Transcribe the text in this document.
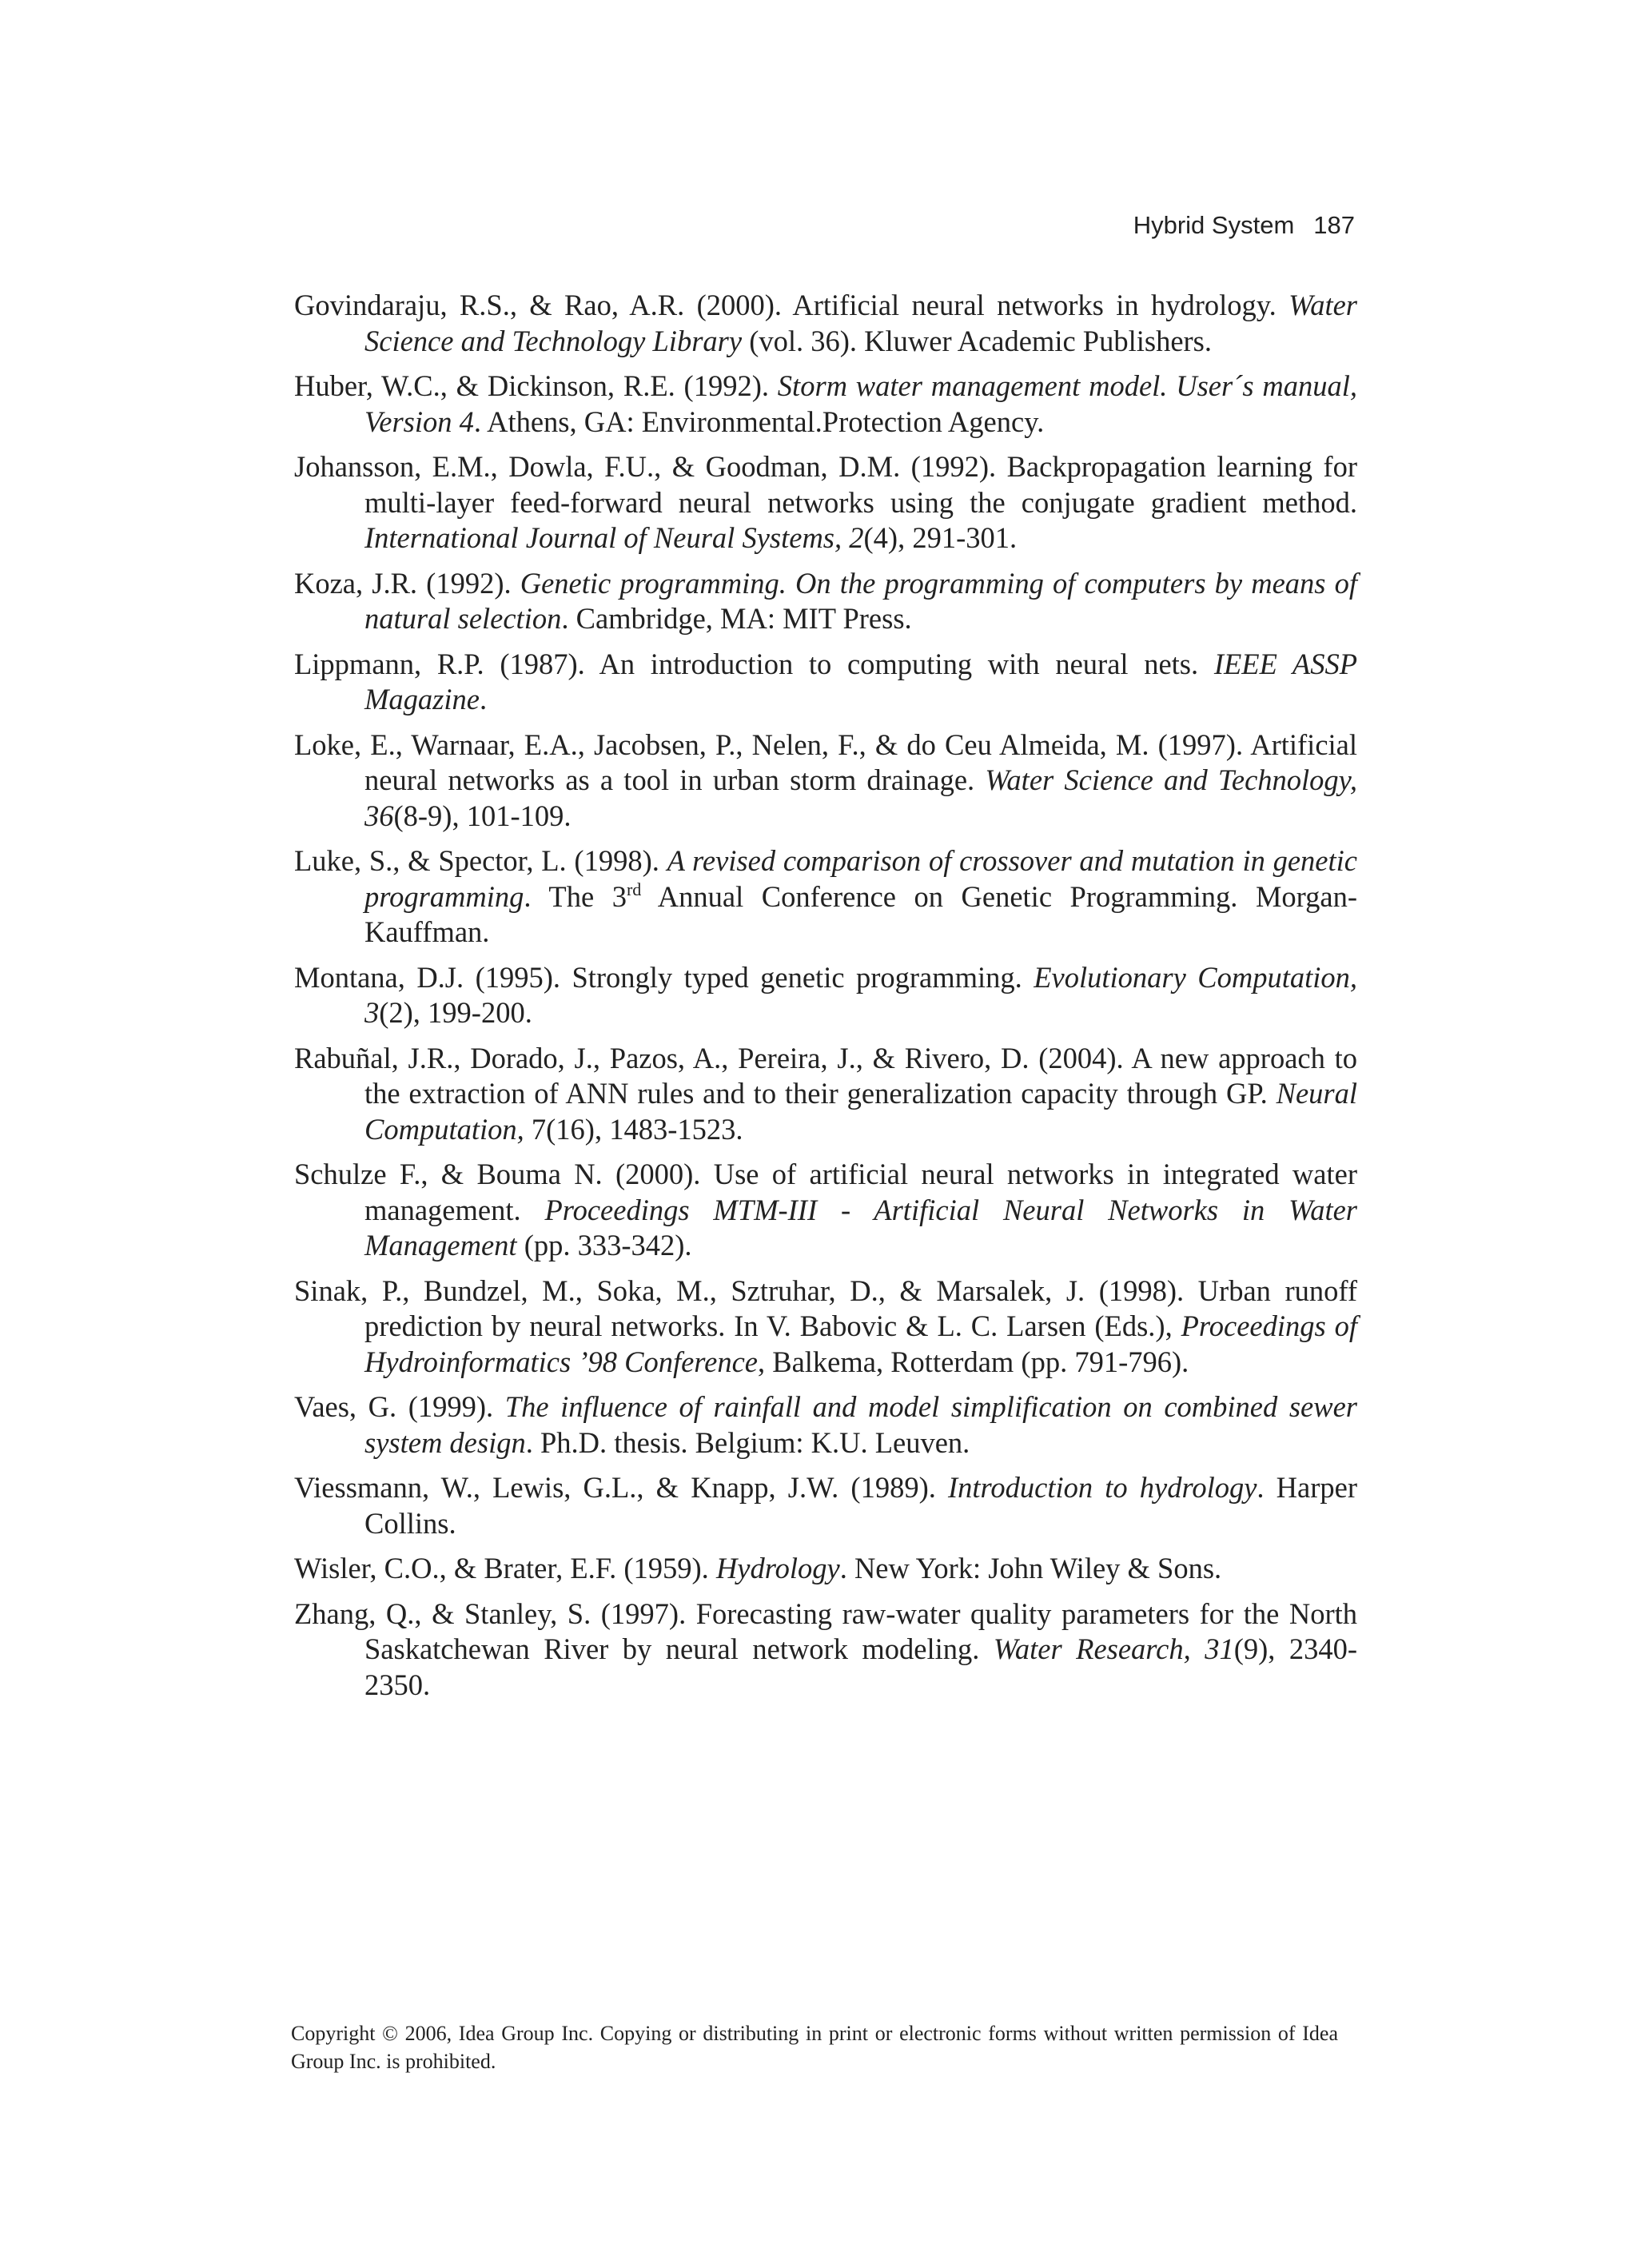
Hybrid System 187

Govindaraju, R.S., & Rao, A.R. (2000). Artificial neural networks in hydrology. Water Science and Technology Library (vol. 36). Kluwer Academic Publishers.

Huber, W.C., & Dickinson, R.E. (1992). Storm water management model. User´s manual, Version 4. Athens, GA: Environmental.Protection Agency.

Johansson, E.M., Dowla, F.U., & Goodman, D.M. (1992). Backpropagation learning for multi-layer feed-forward neural networks using the conjugate gradient method. International Journal of Neural Systems, 2(4), 291-301.

Koza, J.R. (1992). Genetic programming. On the programming of computers by means of natural selection. Cambridge, MA: MIT Press.

Lippmann, R.P. (1987). An introduction to computing with neural nets. IEEE ASSP Magazine.

Loke, E., Warnaar, E.A., Jacobsen, P., Nelen, F., & do Ceu Almeida, M. (1997). Artificial neural networks as a tool in urban storm drainage. Water Science and Technology, 36(8-9), 101-109.

Luke, S., & Spector, L. (1998). A revised comparison of crossover and mutation in genetic programming. The 3rd Annual Conference on Genetic Programming. Morgan-Kauffman.

Montana, D.J. (1995). Strongly typed genetic programming. Evolutionary Computation, 3(2), 199-200.

Rabuñal, J.R., Dorado, J., Pazos, A., Pereira, J., & Rivero, D. (2004). A new approach to the extraction of ANN rules and to their generalization capacity through GP. Neural Computation, 7(16), 1483-1523.

Schulze F., & Bouma N. (2000). Use of artificial neural networks in integrated water management. Proceedings MTM-III - Artificial Neural Networks in Water Management (pp. 333-342).

Sinak, P., Bundzel, M., Soka, M., Sztruhar, D., & Marsalek, J. (1998). Urban runoff prediction by neural networks. In V. Babovic & L. C. Larsen (Eds.), Proceedings of Hydroinformatics ’98 Conference, Balkema, Rotterdam (pp. 791-796).

Vaes, G. (1999). The influence of rainfall and model simplification on combined sewer system design. Ph.D. thesis. Belgium: K.U. Leuven.

Viessmann, W., Lewis, G.L., & Knapp, J.W. (1989). Introduction to hydrology. Harper Collins.

Wisler, C.O., & Brater, E.F. (1959). Hydrology. New York: John Wiley & Sons.

Zhang, Q., & Stanley, S. (1997). Forecasting raw-water quality parameters for the North Saskatchewan River by neural network modeling. Water Research, 31(9), 2340-2350.

Copyright © 2006, Idea Group Inc. Copying or distributing in print or electronic forms without written permission of Idea Group Inc. is prohibited.
